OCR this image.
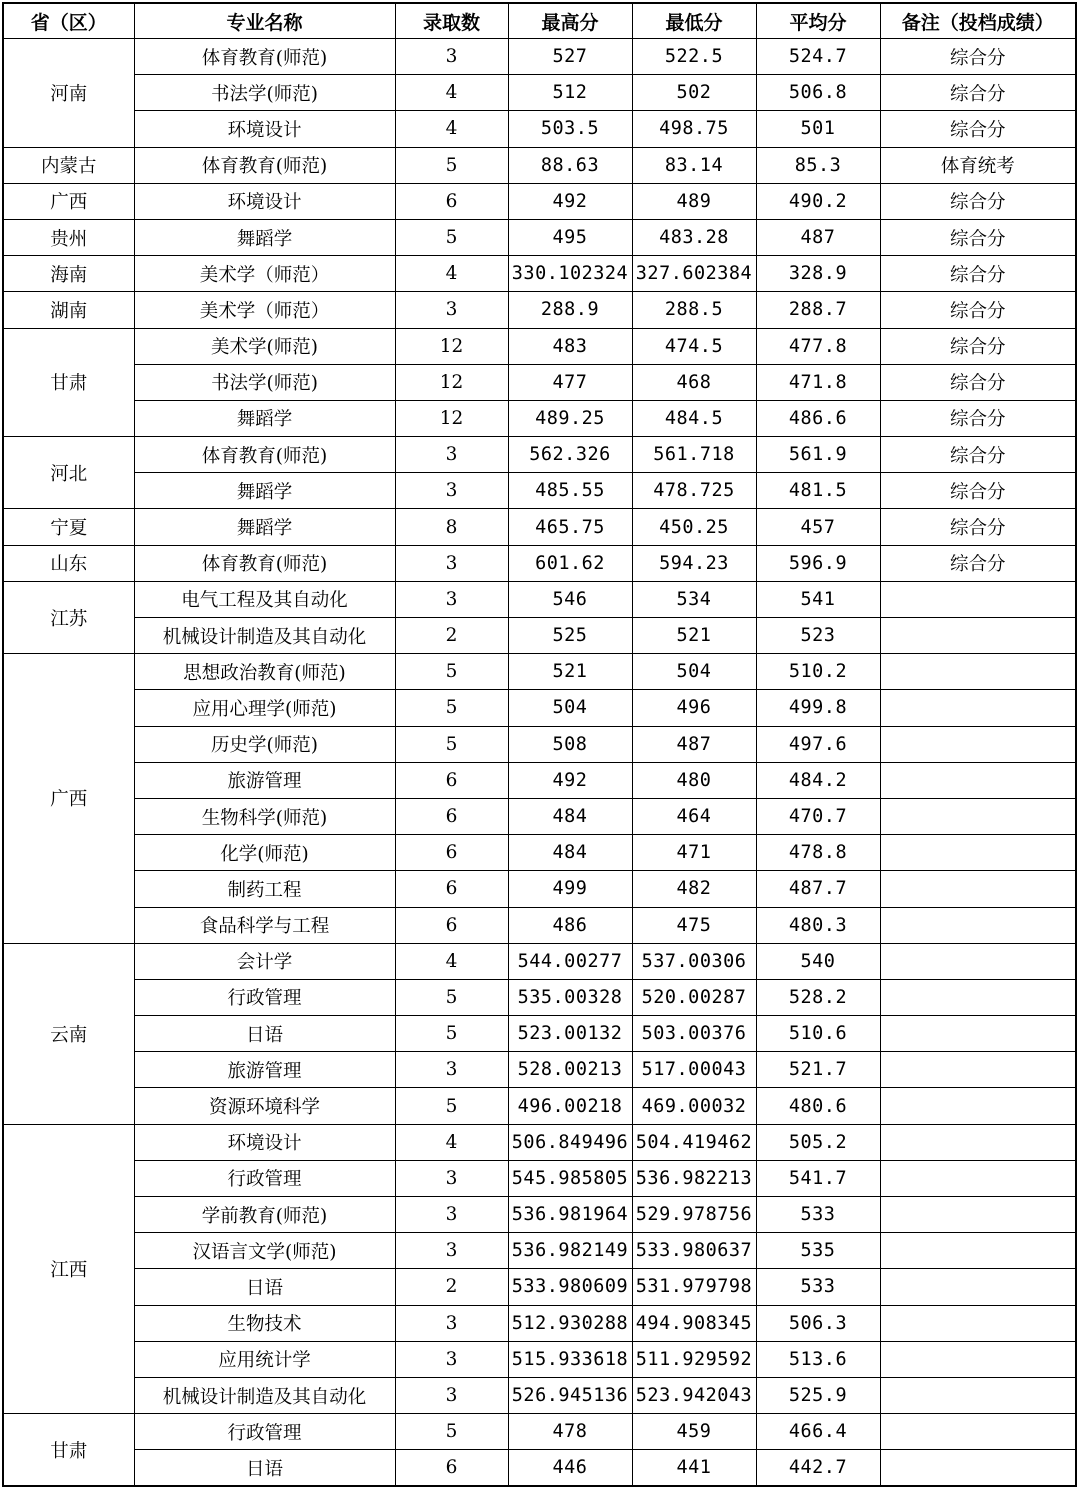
省（区）	专业名称	录取数	最高分	最低分	平均分	备注（投档成绩）
河南	体育教育(师范)	3	527	522.5	524.7	综合分
	书法学(师范)	4	512	502	506.8	综合分
	环境设计	4	503.5	498.75	501	综合分
内蒙古	体育教育(师范)	5	88.63	83.14	85.3	体育统考
广西	环境设计	6	492	489	490.2	综合分
贵州	舞蹈学	5	495	483.28	487	综合分
海南	美术学（师范）	4	330.102324	327.602384	328.9	综合分
湖南	美术学（师范）	3	288.9	288.5	288.7	综合分
甘肃	美术学(师范)	12	483	474.5	477.8	综合分
	书法学(师范)	12	477	468	471.8	综合分
	舞蹈学	12	489.25	484.5	486.6	综合分
河北	体育教育(师范)	3	562.326	561.718	561.9	综合分
	舞蹈学	3	485.55	478.725	481.5	综合分
宁夏	舞蹈学	8	465.75	450.25	457	综合分
山东	体育教育(师范)	3	601.62	594.23	596.9	综合分
江苏	电气工程及其自动化	3	546	534	541	
	机械设计制造及其自动化	2	525	521	523	
广西	思想政治教育(师范)	5	521	504	510.2	
	应用心理学(师范)	5	504	496	499.8	
	历史学(师范)	5	508	487	497.6	
	旅游管理	6	492	480	484.2	
	生物科学(师范)	6	484	464	470.7	
	化学(师范)	6	484	471	478.8	
	制药工程	6	499	482	487.7	
	食品科学与工程	6	486	475	480.3	
云南	会计学	4	544.00277	537.00306	540	
	行政管理	5	535.00328	520.00287	528.2	
	日语	5	523.00132	503.00376	510.6	
	旅游管理	3	528.00213	517.00043	521.7	
	资源环境科学	5	496.00218	469.00032	480.6	
江西	环境设计	4	506.849496	504.419462	505.2	
	行政管理	3	545.985805	536.982213	541.7	
	学前教育(师范)	3	536.981964	529.978756	533	
	汉语言文学(师范)	3	536.982149	533.980637	535	
	日语	2	533.980609	531.979798	533	
	生物技术	3	512.930288	494.908345	506.3	
	应用统计学	3	515.933618	511.929592	513.6	
	机械设计制造及其自动化	3	526.945136	523.942043	525.9	
甘肃	行政管理	5	478	459	466.4	
	日语	6	446	441	442.7	
